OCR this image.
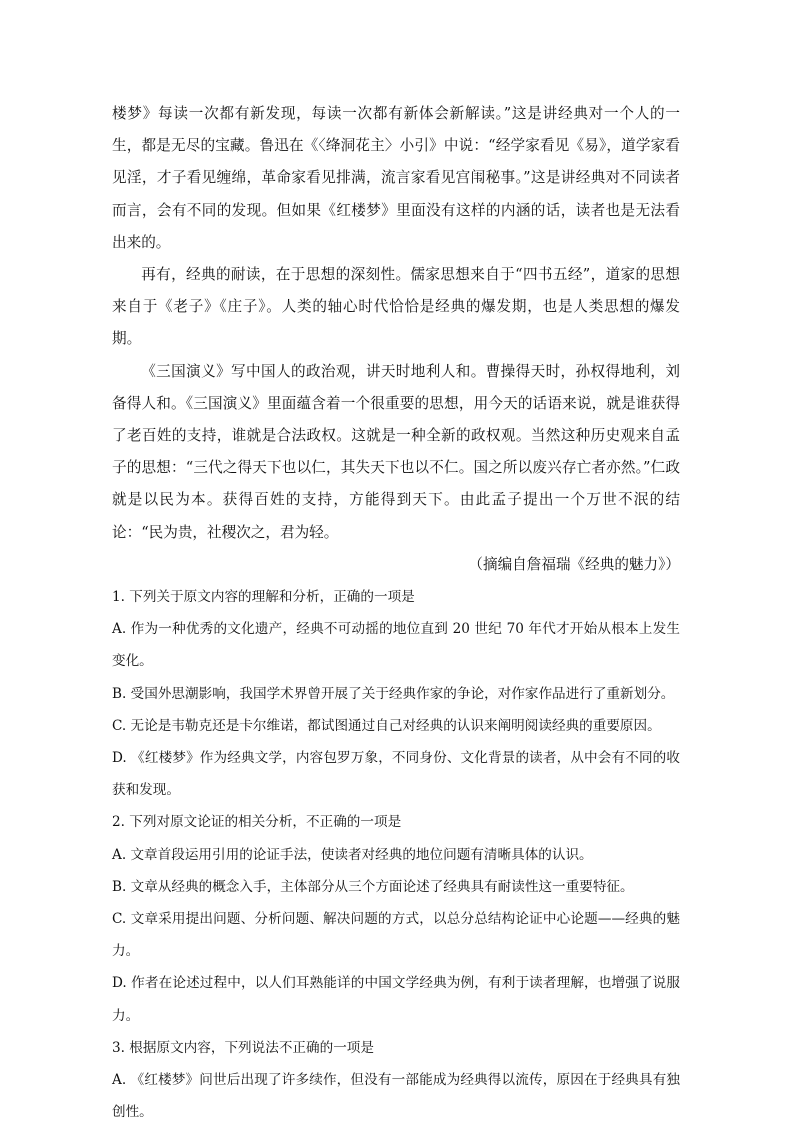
楼梦》每读一次都有新发现，每读一次都有新体会新解读。”这是讲经典对一个人的一生，都是无尽的宝藏。鲁迅在《〈绛洞花主〉小引》中说：“经学家看见《易》，道学家看见淫，才子看见缠绵，革命家看见排满，流言家看见宫闱秘事。”这是讲经典对不同读者而言，会有不同的发现。但如果《红楼梦》里面没有这样的内涵的话，读者也是无法看出来的。

再有，经典的耐读，在于思想的深刻性。儒家思想来自于“四书五经”，道家的思想来自于《老子》《庄子》。人类的轴心时代恰恰是经典的爆发期，也是人类思想的爆发期。

《三国演义》写中国人的政治观，讲天时地利人和。曹操得天时，孙权得地利，刘备得人和。《三国演义》里面蕴含着一个很重要的思想，用今天的话语来说，就是谁获得了老百姓的支持，谁就是合法政权。这就是一种全新的政权观。当然这种历史观来自孟子的思想：“三代之得天下也以仁，其失天下也以不仁。国之所以废兴存亡者亦然。”仁政就是以民为本。获得百姓的支持，方能得到天下。由此孟子提出一个万世不泯的结论：“民为贵，社稷次之，君为轻。

（摘编自詹福瑞《经典的魅力》）

1. 下列关于原文内容的理解和分析，正确的一项是

A. 作为一种优秀的文化遗产，经典不可动摇的地位直到 20 世纪 70 年代才开始从根本上发生变化。

B. 受国外思潮影响，我国学术界曾开展了关于经典作家的争论，对作家作品进行了重新划分。

C. 无论是韦勒克还是卡尔维诺，都试图通过自己对经典的认识来阐明阅读经典的重要原因。

D. 《红楼梦》作为经典文学，内容包罗万象，不同身份、文化背景的读者，从中会有不同的收获和发现。

2. 下列对原文论证的相关分析，不正确的一项是

A. 文章首段运用引用的论证手法，使读者对经典的地位问题有清晰具体的认识。

B. 文章从经典的概念入手，主体部分从三个方面论述了经典具有耐读性这一重要特征。

C. 文章采用提出问题、分析问题、解决问题的方式，以总分总结构论证中心论题——经典的魅力。

D. 作者在论述过程中，以人们耳熟能详的中国文学经典为例，有利于读者理解，也增强了说服力。

3. 根据原文内容，下列说法不正确的一项是

A. 《红楼梦》问世后出现了许多续作，但没有一部能成为经典得以流传，原因在于经典具有独创性。
